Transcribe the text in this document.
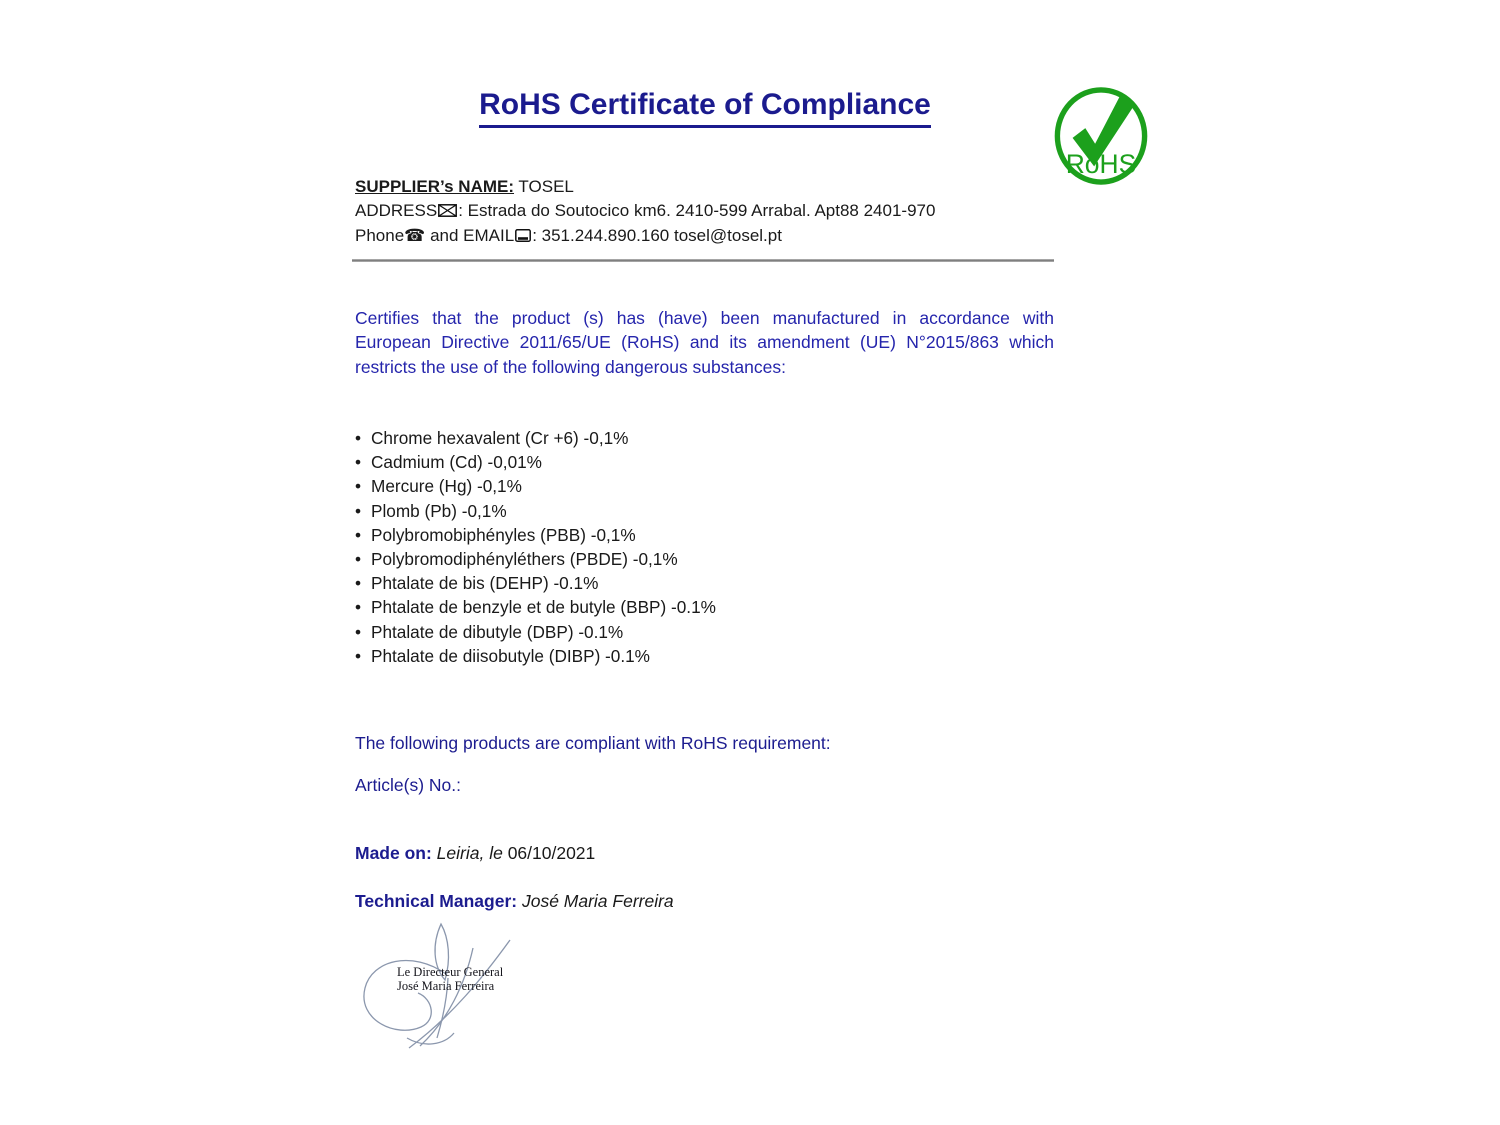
RoHS Certificate of Compliance
RoHS
SUPPLIER’s NAME: TOSEL
ADDRESS : Estrada do Soutocico km6. 2410-599 Arrabal. Apt88 2401-970
Phone☎ and EMAIL : 351.244.890.160 tosel@tosel.pt
Certifies that the product (s) has (have) been manufactured in accordance with
European Directive 2011/65/UE (RoHS) and its amendment (UE) N°2015/863 which
restricts the use of the following dangerous substances:
• Chrome hexavalent (Cr +6) -0,1%
• Cadmium (Cd) -0,01%
• Mercure (Hg) -0,1%
• Plomb (Pb) -0,1%
• Polybromobiphényles (PBB) -0,1%
• Polybromodiphényléthers (PBDE) -0,1%
• Phtalate de bis (DEHP) -0.1%
• Phtalate de benzyle et de butyle (BBP) -0.1%
• Phtalate de dibutyle (DBP) -0.1%
• Phtalate de diisobutyle (DIBP) -0.1%
The following products are compliant with RoHS requirement:
Article(s) No.:
Made on: Leiria, le 06/10/2021
Technical Manager: José Maria Ferreira
Le Directeur General
José Maria Ferreira
